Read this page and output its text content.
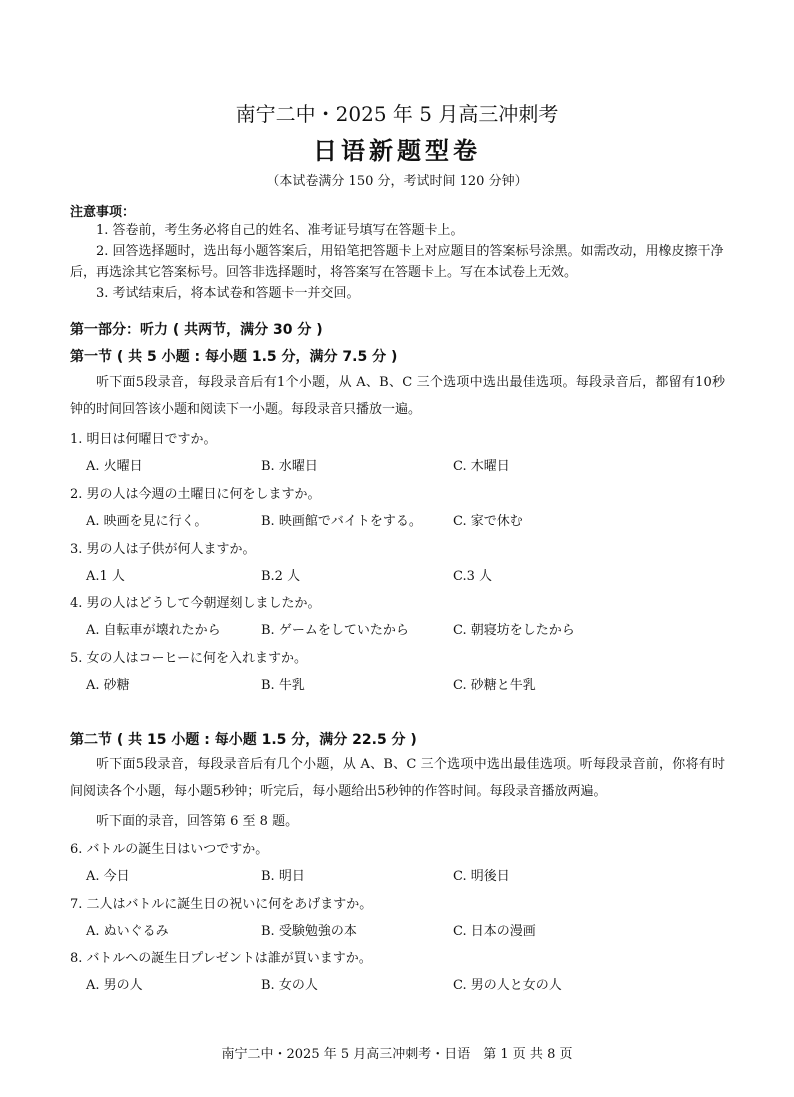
南宁二中・2025 年 5 月高三冲刺考
日语新题型卷
（本试卷满分 150 分，考试时间 120 分钟）
注意事项：
1. 答卷前，考生务必将自己的姓名、准考证号填写在答题卡上。
2. 回答选择题时，选出每小题答案后，用铅笔把答题卡上对应题目的答案标号涂黑。如需改动，用橡皮擦干净后，再选涂其它答案标号。回答非选择题时，将答案写在答题卡上。写在本试卷上无效。
3. 考试结束后，将本试卷和答题卡一并交回。
第一部分：听力 ( 共两节，满分 30 分 )
第一节 ( 共 5 小题 : 每小题 1.5 分，满分 7.5 分 )
听下面5段录音，每段录音后有1个小题，从 A、B、C 三个选项中选出最佳选项。每段录音后，都留有10秒钟的时间回答该小题和阅读下一小题。每段录音只播放一遍。
1. 明日は何曜日ですか。
A. 火曜日	B. 水曜日	C. 木曜日
2. 男の人は今週の土曜日に何をしますか。
A. 映画を見に行く。	B. 映画館でバイトをする。 C. 家で休む
3. 男の人は子供が何人ますか。
A.1 人	B.2 人	C.3 人
4. 男の人はどうして今朝遅刻しましたか。
A. 自転車が壊れたから	B. ゲームをしていたから	C. 朝寝坊をしたから
5. 女の人はコーヒーに何を入れますか。
A. 砂糖	B. 牛乳	C. 砂糖と牛乳
第二节 ( 共 15 小题 : 每小题 1.5 分，满分 22.5 分 )
听下面5段录音，每段录音后有几个小题，从 A、B、C 三个选项中选出最佳选项。听每段录音前，你将有时间阅读各个小题，每小题5秒钟；听完后，每小题给出5秒钟的作答时间。每段录音播放两遍。
听下面的录音，回答第 6 至 8 题。
6. バトルの誕生日はいつですか。
A. 今日	B. 明日	C. 明後日
7. 二人はバトルに誕生日の祝いに何をあげますか。
A. ぬいぐるみ	B. 受験勉強の本	C. 日本の漫画
8. バトルへの誕生日プレゼントは誰が買いますか。
A. 男の人	B. 女の人	C. 男の人と女の人
南宁二中・2025 年 5 月高三冲刺考・日语　第 1 页 共 8 页
